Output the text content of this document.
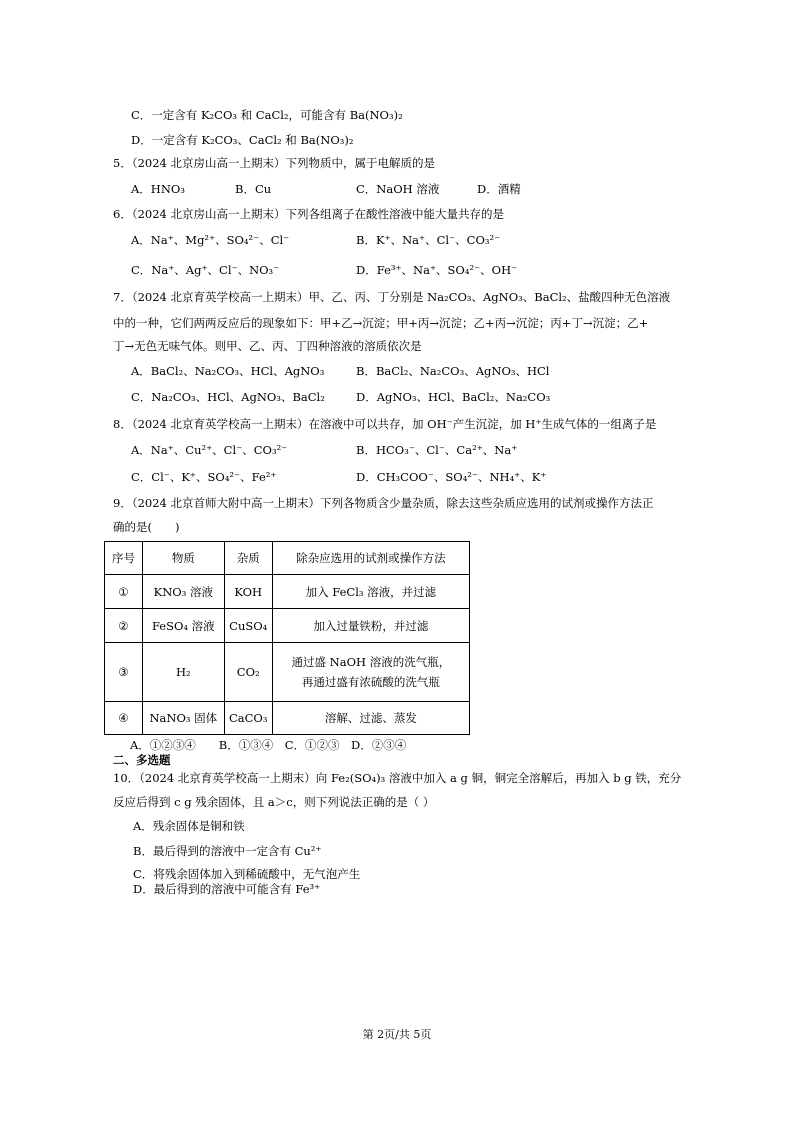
C．一定含有 K₂CO₃ 和 CaCl₂，可能含有 Ba(NO₃)₂
D．一定含有 K₂CO₃、CaCl₂ 和 Ba(NO₃)₂
5．（2024 北京房山高一上期末）下列物质中，属于电解质的是
A．HNO₃	B．Cu	C．NaOH 溶液	D．酒精
6．（2024 北京房山高一上期末）下列各组离子在酸性溶液中能大量共存的是
A．Na⁺、Mg²⁺、SO₄²⁻、Cl⁻	B．K⁺、Na⁺、Cl⁻、CO₃²⁻
C．Na⁺、Ag⁺、Cl⁻、NO₃⁻	D．Fe³⁺、Na⁺、SO₄²⁻、OH⁻
7．（2024 北京育英学校高一上期末）甲、乙、丙、丁分别是 Na₂CO₃、AgNO₃、BaCl₂、盐酸四种无色溶液
中的一种，它们两两反应后的现象如下：甲+乙→沉淀；甲+丙→沉淀；乙+丙→沉淀；丙+丁→沉淀；乙+
丁→无色无味气体。则甲、乙、丙、丁四种溶液的溶质依次是
A．BaCl₂、Na₂CO₃、HCl、AgNO₃	B．BaCl₂、Na₂CO₃、AgNO₃、HCl
C．Na₂CO₃、HCl、AgNO₃、BaCl₂	D．AgNO₃、HCl、BaCl₂、Na₂CO₃
8．（2024 北京育英学校高一上期末）在溶液中可以共存，加 OH⁻产生沉淀，加 H⁺生成气体的一组离子是
A．Na⁺、Cu²⁺、Cl⁻、CO₃²⁻	B．HCO₃⁻、Cl⁻、Ca²⁺、Na⁺
C．Cl⁻、K⁺、SO₄²⁻、Fe²⁺	D．CH₃COO⁻、SO₄²⁻、NH₄⁺、K⁺
9．（2024 北京首师大附中高一上期末）下列各物质含少量杂质，除去这些杂质应选用的试剂或操作方法正
确的是(　　)
序号	物质	杂质	除杂应选用的试剂或操作方法
①	KNO₃ 溶液	KOH	加入 FeCl₃ 溶液，并过滤
②	FeSO₄ 溶液	CuSO₄	加入过量铁粉，并过滤
③	H₂	CO₂	通过盛 NaOH 溶液的洗气瓶，
再通过盛有浓硫酸的洗气瓶

④	NaNO₃ 固体	CaCO₃	溶解、过滤、蒸发
A．①②③④　　B．①③④　C．①②③　D．②③④
二、多选题
10．（2024 北京育英学校高一上期末）向 Fe₂(SO₄)₃ 溶液中加入 a g 铜，铜完全溶解后，再加入 b g 铁，充分
反应后得到 c g 残余固体，且 a＞c，则下列说法正确的是（ ）
A．残余固体是铜和铁
B．最后得到的溶液中一定含有 Cu²⁺
C．将残余固体加入到稀硫酸中，无气泡产生
D．最后得到的溶液中可能含有 Fe³⁺
第 2页/共 5页
